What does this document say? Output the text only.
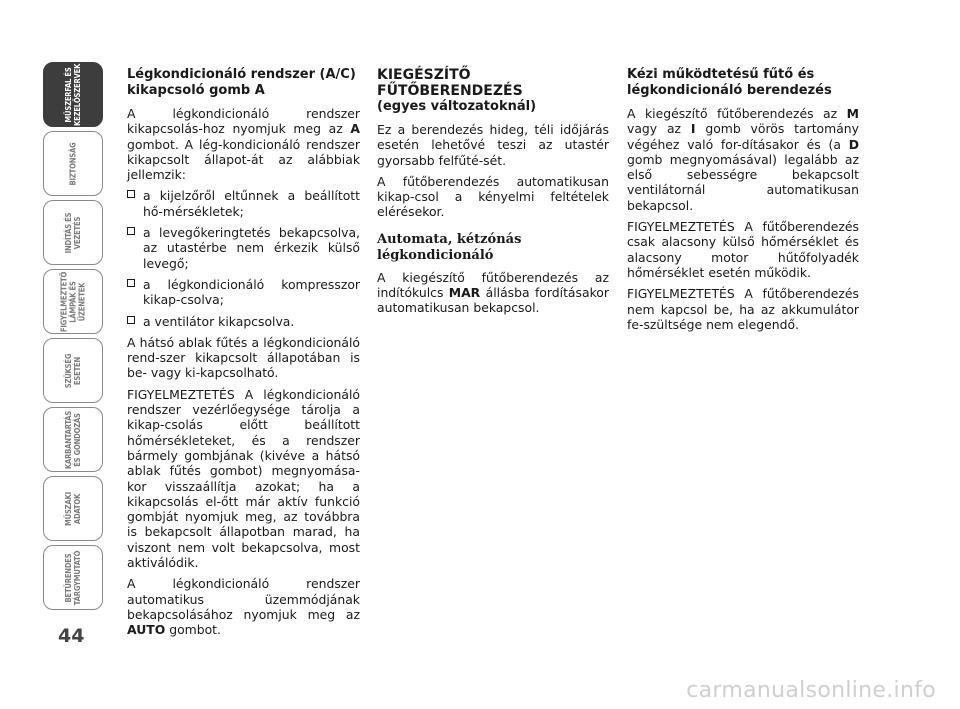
MŰSZERFAL ÉS KEZELŐSZERVEK
BIZTONSÁG
INDÍTÁS ÉS VEZETÉS
FIGYELMEZTETŐ LÁMPÁK ÉS ÜZENETEK
SZÜKSÉG ESETÉN
KARBANTARTÁS ÉS GONDOZÁS
MŰSZAKI ADATOK
BETŰRENDES TÁRGYMUTATÓ
44
Légkondicionáló rendszer (A/C) kikapcsoló gomb A

A légkondicionáló rendszer kikapcsolás-hoz nyomjuk meg az A gombot. A lég-kondicionáló rendszer kikapcsolt állapot-át az alábbiak jellemzik:

a kijelzőről eltűnnek a beállított hő-mérsékletek;
a levegőkeringtetés bekapcsolva, az utastérbe nem érkezik külső levegő;
a légkondicionáló kompresszor kikap-csolva;
a ventilátor kikapcsolva.

A hátsó ablak fűtés a légkondicionáló rend-szer kikapcsolt állapotában is be- vagy ki-kapcsolható.

FIGYELMEZTETÉS A légkondicionáló rendszer vezérlőegysége tárolja a kikap-csolás előtt beállított hőmérsékleteket, és a rendszer bármely gombjának (kivéve a hátsó ablak fűtés gombot) megnyomása-kor visszaállítja azokat; ha a kikapcsolás el-őtt már aktív funkció gombját nyomjuk meg, az továbbra is bekapcsolt állapotban marad, ha viszont nem volt bekapcsolva, most aktiválódik.

A légkondicionáló rendszer automatikus üzemmódjának bekapcsolásához nyomjuk meg az AUTO gombot.

KIEGÉSZÍTŐ FŰTŐBERENDEZÉS
(egyes változatoknál)

Ez a berendezés hideg, téli időjárás esetén lehetővé teszi az utastér gyorsabb felfűté-sét.

A fűtőberendezés automatikusan kikap-csol a kényelmi feltételek elérésekor.

Automata, kétzónás légkondicionáló

A kiegészítő fűtőberendezés az indítókulcs MAR állásba fordításakor automatikusan bekapcsol.

Kézi működtetésű fűtő és légkondicionáló berendezés

A kiegészítő fűtőberendezés az M vagy az I gomb vörös tartomány végéhez való for-dításakor és (a D gomb megnyomásával) legalább az első sebességre bekapcsolt ventilátornál automatikusan bekapcsol.

FIGYELMEZTETÉS A fűtőberendezés csak alacsony külső hőmérséklet és alacsony motor hűtőfolyadék hőmérséklet esetén működik.

FIGYELMEZTETÉS A fűtőberendezés nem kapcsol be, ha az akkumulátor fe-szültsége nem elegendő.

carmanualsonline.info
